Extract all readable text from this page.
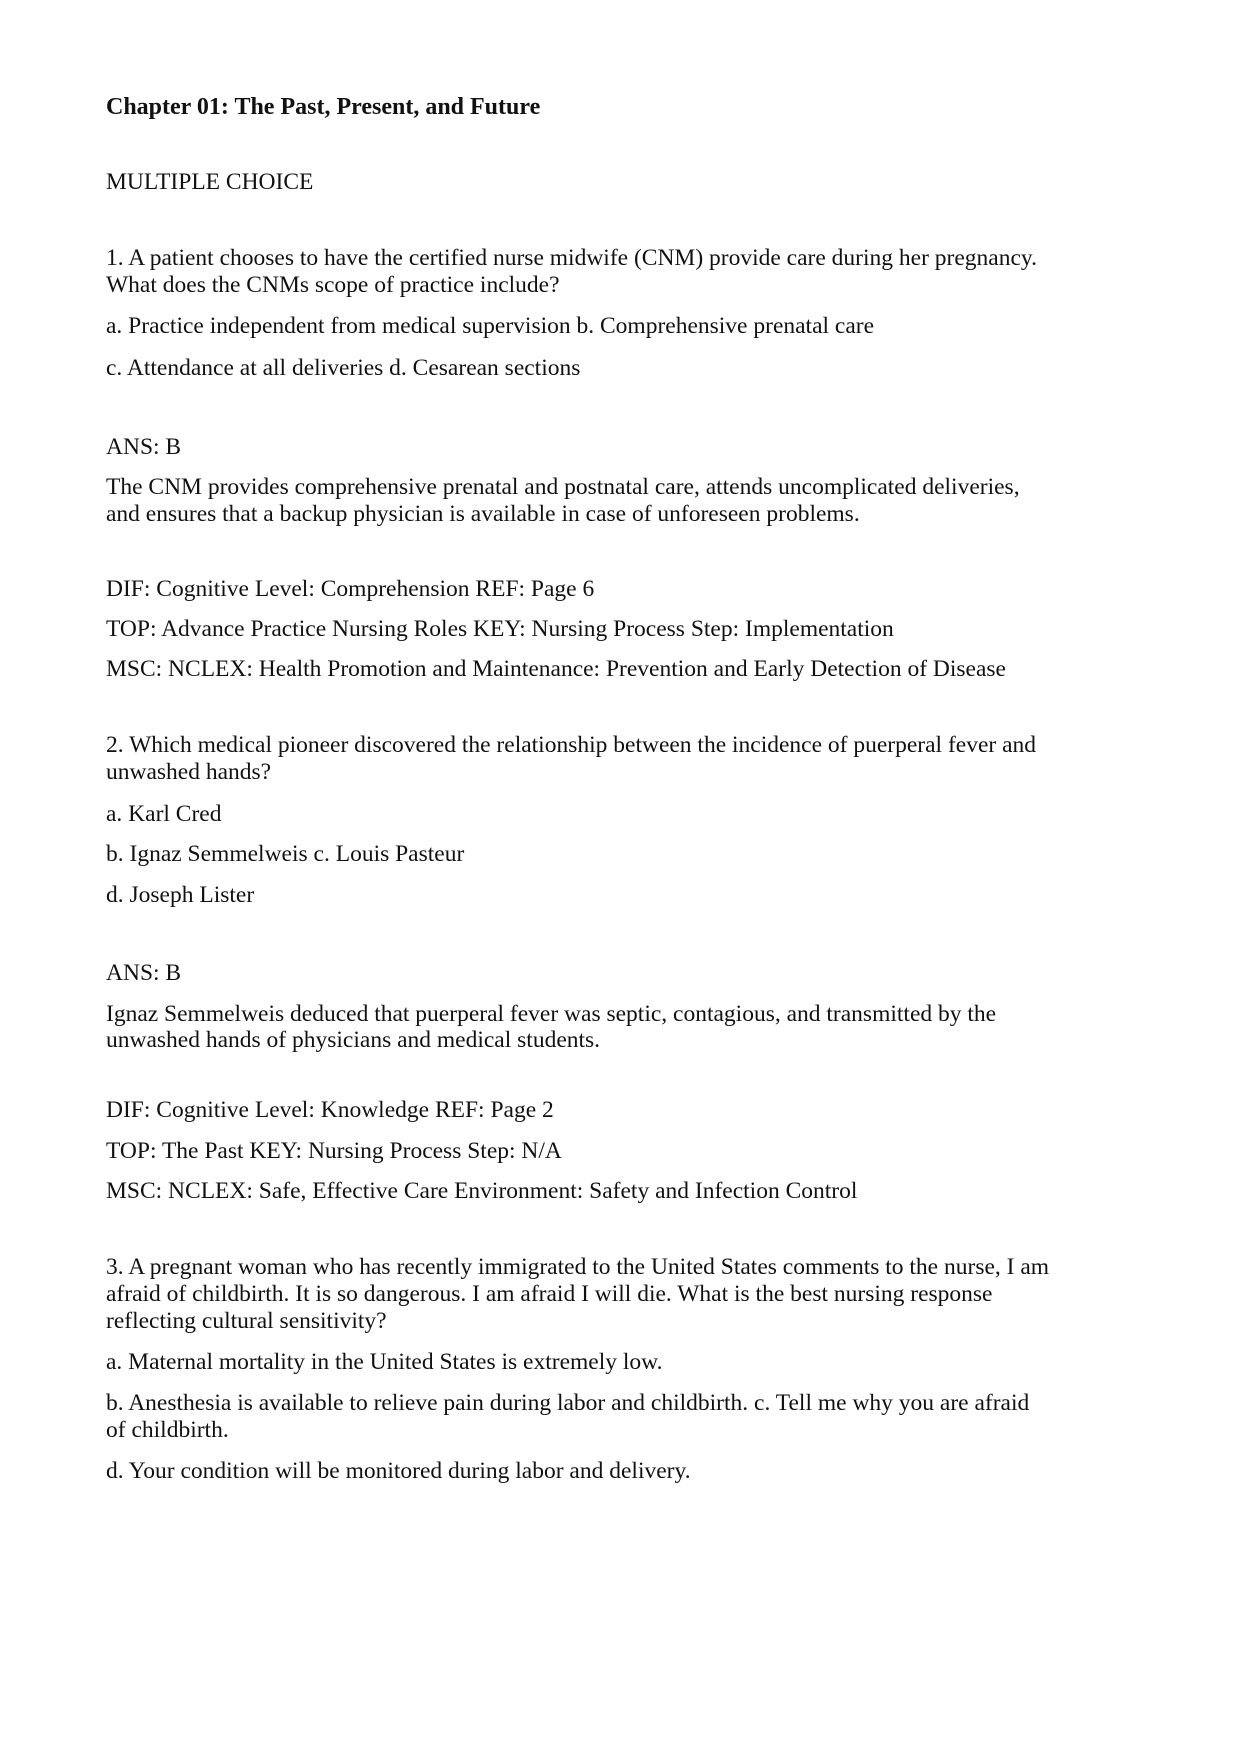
Chapter 01: The Past, Present, and Future
MULTIPLE CHOICE
1. A patient chooses to have the certified nurse midwife (CNM) provide care during her pregnancy.
What does the CNMs scope of practice include?
a. Practice independent from medical supervision b. Comprehensive prenatal care
c. Attendance at all deliveries d. Cesarean sections
ANS: B
The CNM provides comprehensive prenatal and postnatal care, attends uncomplicated deliveries,
and ensures that a backup physician is available in case of unforeseen problems.
DIF: Cognitive Level: Comprehension REF: Page 6
TOP: Advance Practice Nursing Roles KEY: Nursing Process Step: Implementation
MSC: NCLEX: Health Promotion and Maintenance: Prevention and Early Detection of Disease
2. Which medical pioneer discovered the relationship between the incidence of puerperal fever and
unwashed hands?
a. Karl Cred
b. Ignaz Semmelweis c. Louis Pasteur
d. Joseph Lister
ANS: B
Ignaz Semmelweis deduced that puerperal fever was septic, contagious, and transmitted by the
unwashed hands of physicians and medical students.
DIF: Cognitive Level: Knowledge REF: Page 2
TOP: The Past KEY: Nursing Process Step: N/A
MSC: NCLEX: Safe, Effective Care Environment: Safety and Infection Control
3. A pregnant woman who has recently immigrated to the United States comments to the nurse, I am
afraid of childbirth. It is so dangerous. I am afraid I will die. What is the best nursing response
reflecting cultural sensitivity?
a. Maternal mortality in the United States is extremely low.
b. Anesthesia is available to relieve pain during labor and childbirth. c. Tell me why you are afraid
of childbirth.
d. Your condition will be monitored during labor and delivery.
